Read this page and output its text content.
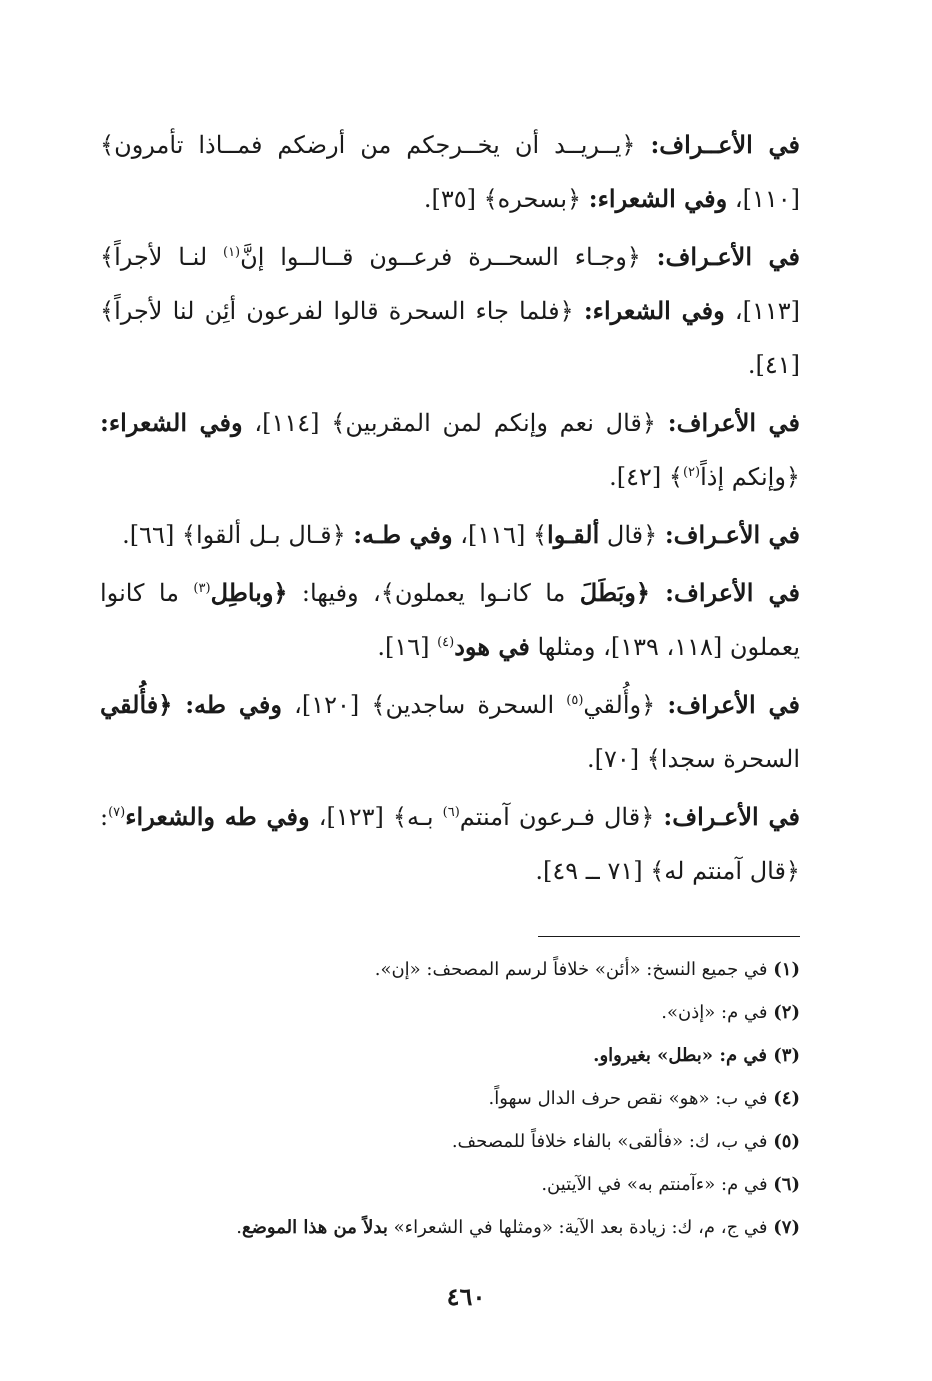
في الأعــراف: ﴿يــريــد أن يخــرجكم من أرضكم فمــاذا تأمرون﴾ [١١٠]، وفي الشعراء: ﴿بسحره﴾ [٣٥].

في الأعـراف: ﴿وجـاء السحــرة فرعــون قــالــوا إنَّ$^{(١)}$ لنـا لأجراً﴾ [١١٣]، وفي الشعراء: ﴿فلما جاء السحرة قالوا لفرعون أئِن لنا لأجراً﴾ [٤١].

في الأعراف: ﴿قال نعم وإنكم لمن المقربين﴾ [١١٤]، وفي الشعراء: ﴿وإنكم إذاً$^{(٢)}$﴾ [٤٢].

في الأعـراف: ﴿قال ألقـوا﴾ [١١٦]، وفي طـه: ﴿قـال بـل ألقوا﴾ [٦٦].

في الأعراف: ﴿وبَطَلَ ما كانـوا يعملون﴾، وفيها: ﴿وباطِل$^{(٣)}$ ما كانوا يعملون [١١٨، ١٣٩]، ومثلها في هود$^{(٤)}$ [١٦].

في الأعراف: ﴿وأُلقي$^{(٥)}$ السحرة ساجدين﴾ [١٢٠]، وفي طه: ﴿فأُلقي السحرة سجدا﴾ [٧٠].

في الأعـراف: ﴿قال فـرعون آمنتم$^{(٦)}$ بـه﴾ [١٢٣]، وفي طه والشعراء$^{(٧)}$: ﴿قال آمنتم له﴾ [٧١ ــ ٤٩].

(١) في جميع النسخ: «أئن» خلافاً لرسم المصحف: «إن».
(٢) في م: «إذن».
(٣) في م: «بطل» بغيرواو.
(٤) في ب: «هو» نقص حرف الدال سهواً.
(٥) في ب، ك: «فألقى» بالفاء خلافاً للمصحف.
(٦) في م: «ءآمنتم به» في الآيتين.
(٧) في ج، م، ك: زيادة بعد الآية: «ومثلها في الشعراء» بدلاً من هذا الموضع.
٤٦٠
